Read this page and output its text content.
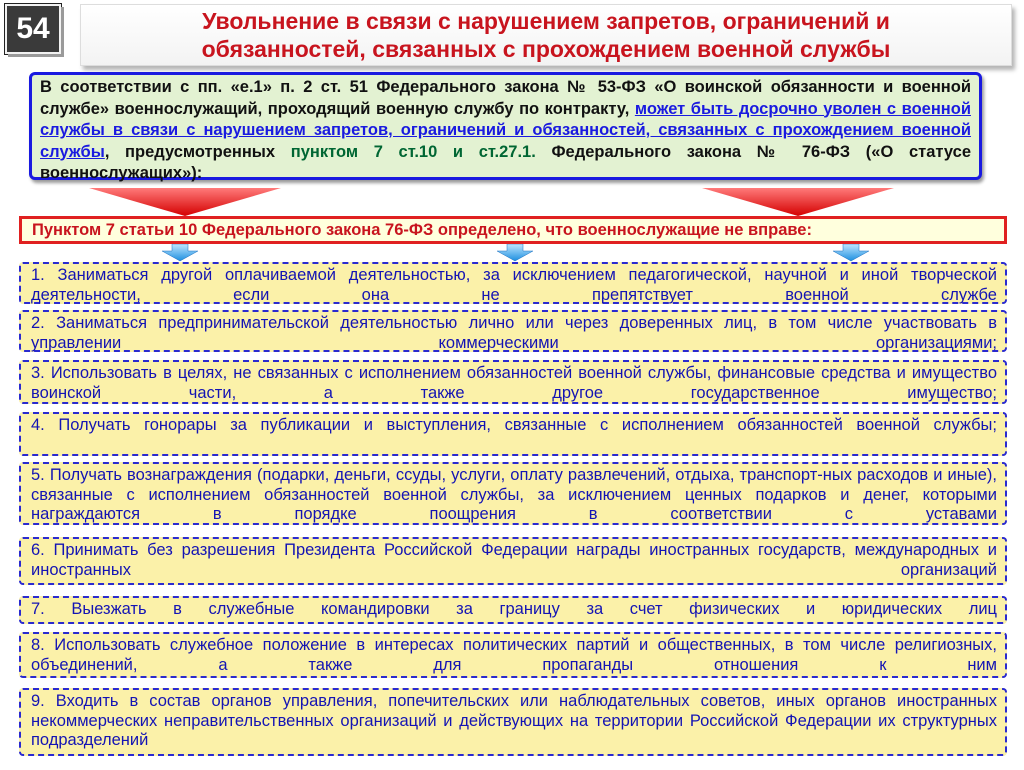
54	Увольнение в связи с нарушением запретов, ограничений и
обязанностей, связанных с прохождением военной службы
В соответствии с пп. «е.1» п. 2 ст. 51 Федерального закона № 53-ФЗ «О воинской обязанности и военной службе» военнослужащий, проходящий военную службу по контракту, может быть досрочно уволен с военной службы в связи с нарушением запретов, ограничений и обязанностей, связанных с прохождением военной службы, предусмотренных пунктом 7 ст.10 и ст.27.1. Федерального закона № 76-ФЗ («О статусе военнослужащих»):
Пунктом 7 статьи 10 Федерального закона 76-ФЗ определено, что военнослужащие не вправе:
1. Заниматься другой оплачиваемой деятельностью, за исключением педагогической, научной и иной творческой деятельности, если она не препятствует военной службе
2. Заниматься предпринимательской деятельностью лично или через доверенных лиц, в том числе участвовать в управлении коммерческими организациями;
3. Использовать в целях, не связанных с исполнением обязанностей военной службы, финансовые средства и имущество воинской части, а также другое государственное имущество;
4. Получать гонорары за публикации и выступления, связанные с исполнением обязанностей военной службы;
5. Получать вознаграждения (подарки, деньги, ссуды, услуги, оплату развлечений, отдыха, транспорт-ных расходов и иные), связанные с исполнением обязанностей военной службы, за исключением ценных подарков и денег, которыми награждаются в порядке поощрения в соответствии с уставами
6. Принимать без разрешения Президента Российской Федерации награды иностранных государств, международных и иностранных организаций
7. Выезжать в служебные командировки за границу за счет физических и юридических лиц
8. Использовать служебное положение в интересах политических партий и общественных, в том числе религиозных, объединений, а также для пропаганды отношения к ним
9. Входить в состав органов управления, попечительских или наблюдательных советов, иных органов иностранных некоммерческих неправительственных организаций и действующих на территории Российской Федерации их структурных подразделений
